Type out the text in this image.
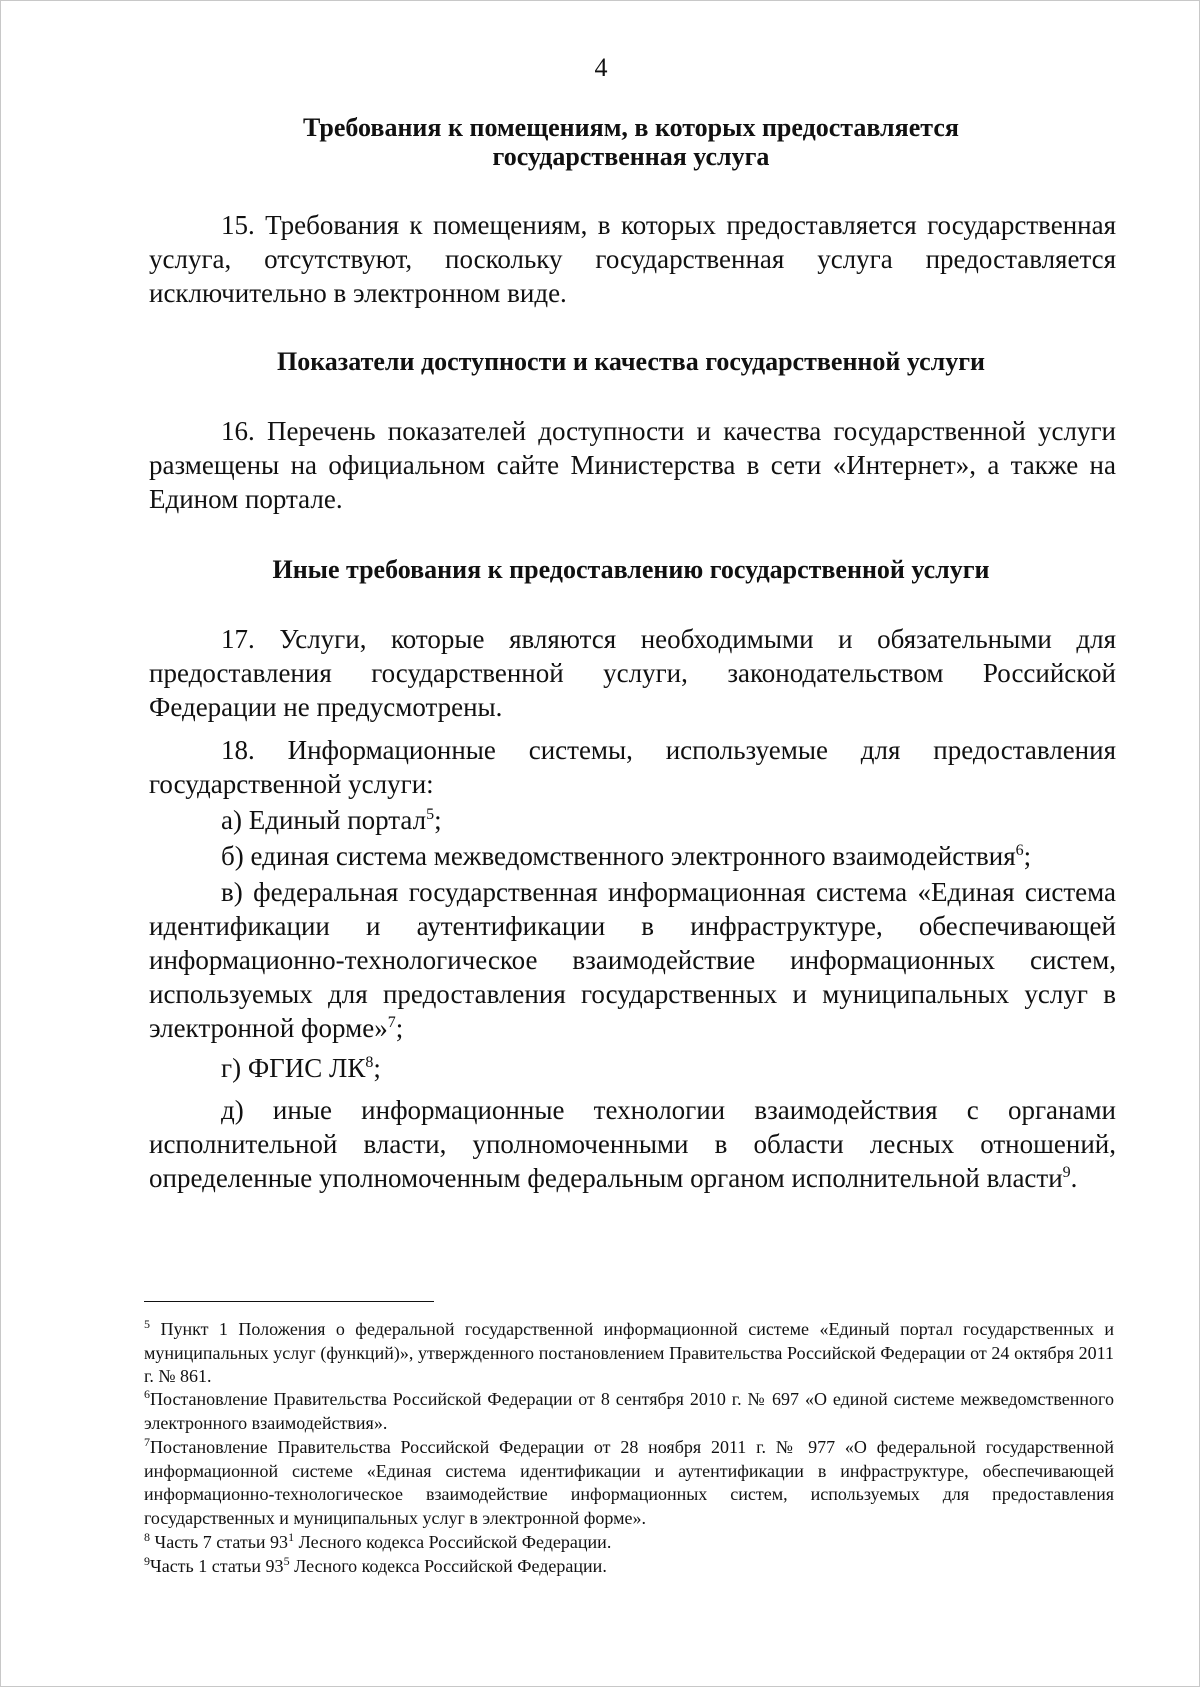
4
Требования к помещениям, в которых предоставляется
государственная услуга
15. Требования к помещениям, в которых предоставляется государственная услуга, отсутствуют, поскольку государственная услуга предоставляется исключительно в электронном виде.
Показатели доступности и качества государственной услуги
16. Перечень показателей доступности и качества государственной услуги размещены на официальном сайте Министерства в сети «Интернет», а также на Едином портале.
Иные требования к предоставлению государственной услуги
17. Услуги, которые являются необходимыми и обязательными для предоставления государственной услуги, законодательством Российской Федерации не предусмотрены.
18. Информационные системы, используемые для предоставления государственной услуги:
а) Единый портал$^5$;
б) единая система межведомственного электронного взаимодействия$^6$;
в) федеральная государственная информационная система «Единая система идентификации и аутентификации в инфраструктуре, обеспечивающей информационно-технологическое взаимодействие информационных систем, используемых для предоставления государственных и муниципальных услуг в электронной форме»$^7$;
г) ФГИС $ЛК^8$;
д) иные информационные технологии взаимодействия с органами исполнительной власти, уполномоченными в области лесных отношений, определенные уполномоченным федеральным органом исполнительной власти$^9$.
$^5$ Пункт 1 Положения о федеральной государственной информационной системе «Единый портал государственных и муниципальных услуг (функций)», утвержденного постановлением Правительства Российской Федерации от 24 октября 2011 г. № 861.
$^6$Постановление Правительства Российской Федерации от 8 сентября 2010 г. № 697 «О единой системе межведомственного электронного взаимодействия».
$^7$Постановление Правительства Российской Федерации от 28 ноября 2011 г. № 977 «О федеральной государственной информационной системе «Единая система идентификации и аутентификации в инфраструктуре, обеспечивающей информационно-технологическое взаимодействие информационных систем, используемых для предоставления государственных и муниципальных услуг в электронной форме».
$^8$ Часть 7 статьи $93^1$ Лесного кодекса Российской Федерации.
$^9$Часть 1 статьи $93^5$ Лесного кодекса Российской Федерации.
